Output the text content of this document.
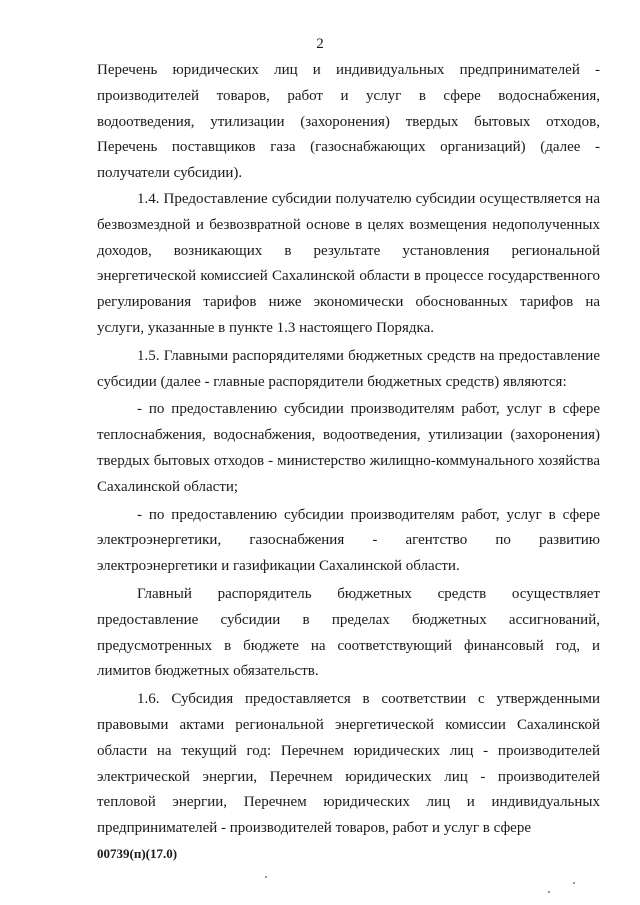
2

Перечень юридических лиц и индивидуальных предпринимателей - производителей товаров, работ и услуг в сфере водоснабжения, водоотведения, утилизации (захоронения) твердых бытовых отходов, Перечень поставщиков газа (газоснабжающих организаций) (далее - получатели субсидии).

1.4. Предоставление субсидии получателю субсидии осуществляется на безвозмездной и безвозвратной основе в целях возмещения недополученных доходов, возникающих в результате установления региональной энергетической комиссией Сахалинской области в процессе государственного регулирования тарифов ниже экономически обоснованных тарифов на услуги, указанные в пункте 1.3 настоящего Порядка.

1.5. Главными распорядителями бюджетных средств на предоставление субсидии (далее - главные распорядители бюджетных средств) являются:

- по предоставлению субсидии производителям работ, услуг в сфере теплоснабжения, водоснабжения, водоотведения, утилизации (захоронения) твердых бытовых отходов - министерство жилищно-коммунального хозяйства Сахалинской области;

- по предоставлению субсидии производителям работ, услуг в сфере электроэнергетики, газоснабжения - агентство по развитию электроэнергетики и газификации Сахалинской области.

Главный распорядитель бюджетных средств осуществляет предоставление субсидии в пределах бюджетных ассигнований, предусмотренных в бюджете на соответствующий финансовый год, и лимитов бюджетных обязательств.

1.6. Субсидия предоставляется в соответствии с утвержденными правовыми актами региональной энергетической комиссии Сахалинской области на текущий год: Перечнем юридических лиц - производителей электрической энергии, Перечнем юридических лиц - производителей тепловой энергии, Перечнем юридических лиц и индивидуальных предпринимателей - производителей товаров, работ и услуг в сфере

00739(п)(17.0)
